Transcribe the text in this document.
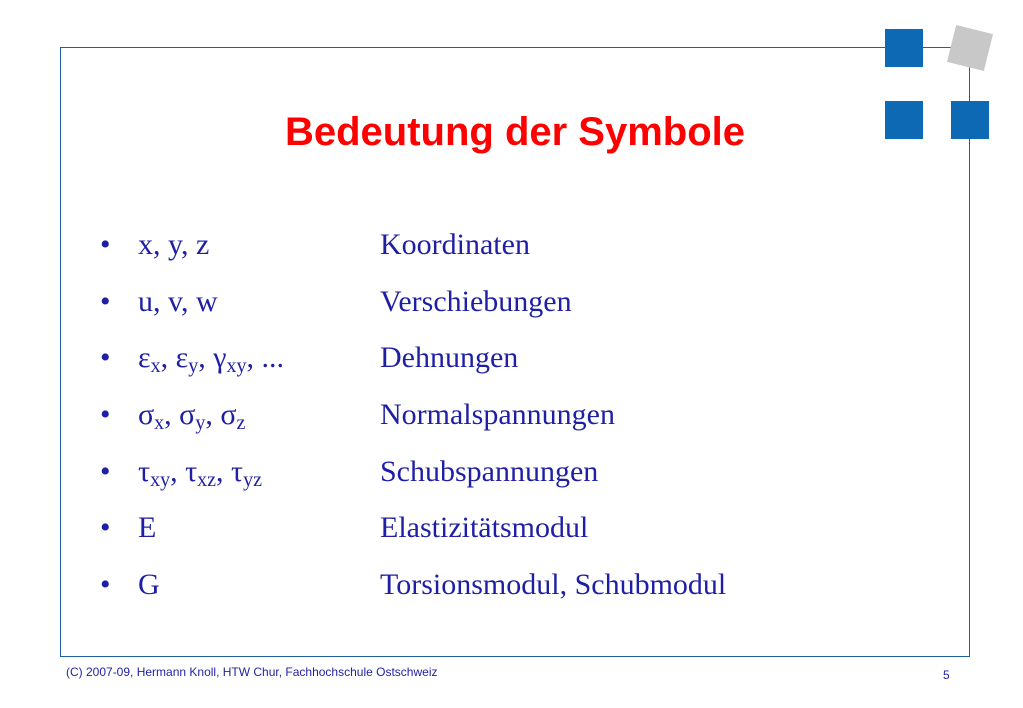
Bedeutung der Symbole
• x, y, z	Koordinaten
• u, v, w	Verschiebungen
• $\varepsilon_x$, $\varepsilon_y$, $\gamma_{xy}$, ...	Dehnungen
• $\sigma_x$, $\sigma_y$, $\sigma_z$	Normalspannungen
• $\tau_{xy}$, $\tau_{xz}$, $\tau_{yz}$	Schubspannungen
• E	Elastizitätsmodul
• G	Torsionsmodul, Schubmodul
(C) 2007-09, Hermann Knoll, HTW Chur, Fachhochschule Ostschweiz	5
